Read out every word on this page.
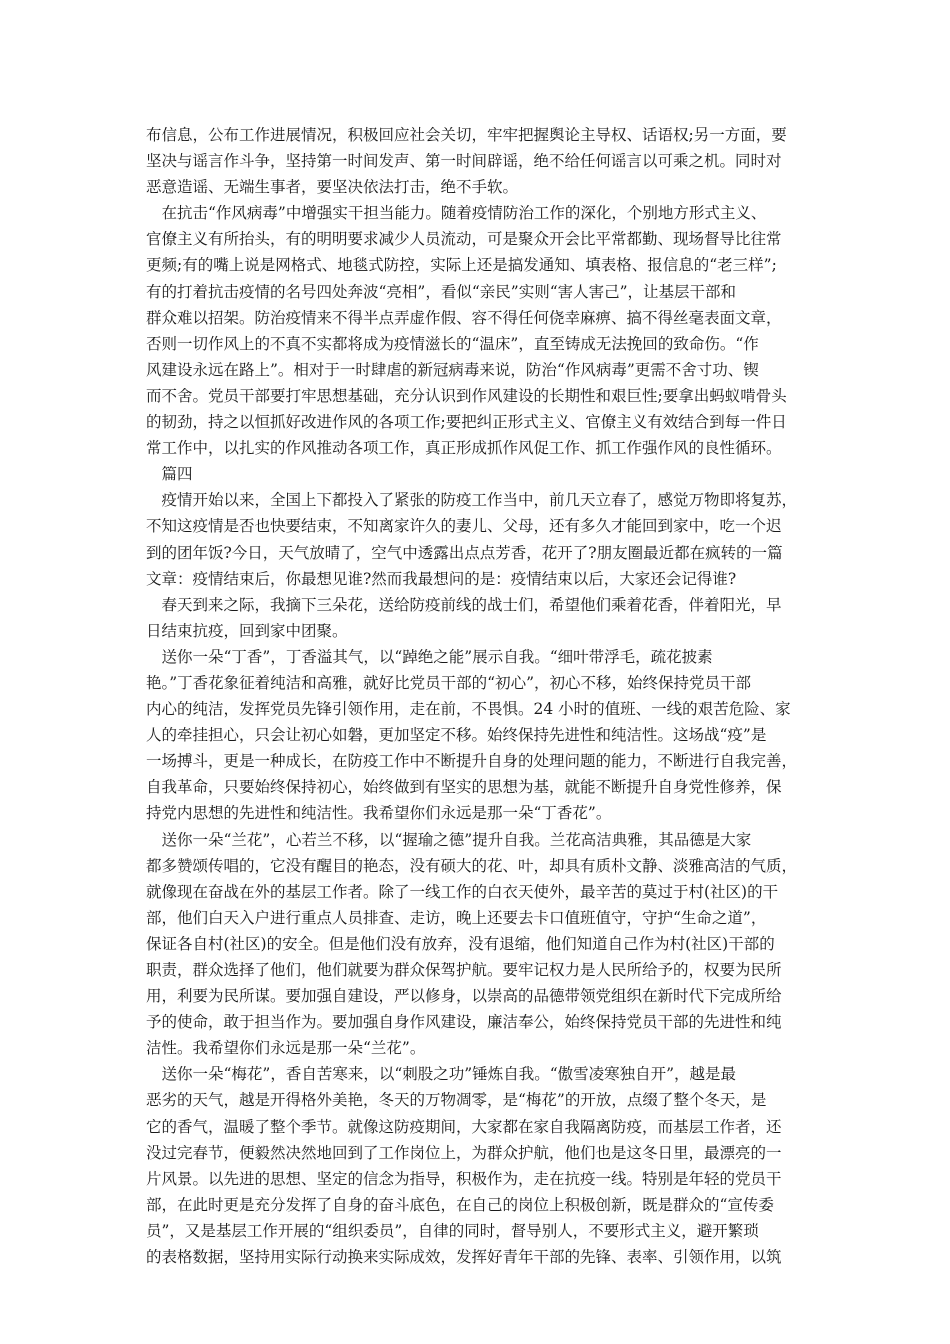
布信息，公布工作进展情况，积极回应社会关切，牢牢把握舆论主导权、话语权;另一方面，要
坚决与谣言作斗争，坚持第一时间发声、第一时间辟谣，绝不给任何谣言以可乘之机。同时对
恶意造谣、无端生事者，要坚决依法打击，绝不手软。
　在抗击“作风病毒”中增强实干担当能力。随着疫情防治工作的深化，个别地方形式主义、
官僚主义有所抬头，有的明明要求减少人员流动，可是聚众开会比平常都勤、现场督导比往常
更频;有的嘴上说是网格式、地毯式防控，实际上还是搞发通知、填表格、报信息的“老三样”;
有的打着抗击疫情的名号四处奔波“亮相”，看似“亲民”实则“害人害己”，让基层干部和
群众难以招架。防治疫情来不得半点弄虚作假、容不得任何侥幸麻痹、搞不得丝毫表面文章，
否则一切作风上的不真不实都将成为疫情滋长的“温床”，直至铸成无法挽回的致命伤。“作
风建设永远在路上”。相对于一时肆虐的新冠病毒来说，防治“作风病毒”更需不舍寸功、锲
而不舍。党员干部要打牢思想基础，充分认识到作风建设的长期性和艰巨性;要拿出蚂蚁啃骨头
的韧劲，持之以恒抓好改进作风的各项工作;要把纠正形式主义、官僚主义有效结合到每一件日
常工作中，以扎实的作风推动各项工作，真正形成抓作风促工作、抓工作强作风的良性循环。
　篇四
　疫情开始以来，全国上下都投入了紧张的防疫工作当中，前几天立春了，感觉万物即将复苏，
不知这疫情是否也快要结束，不知离家许久的妻儿、父母，还有多久才能回到家中，吃一个迟
到的团年饭?今日，天气放晴了，空气中透露出点点芳香，花开了?朋友圈最近都在疯转的一篇
文章：疫情结束后，你最想见谁?然而我最想问的是：疫情结束以后，大家还会记得谁?
　春天到来之际，我摘下三朵花，送给防疫前线的战士们，希望他们乘着花香，伴着阳光，早
日结束抗疫，回到家中团聚。
　送你一朵“丁香”，丁香溢其气，以“踔绝之能”展示自我。“细叶带浮毛，疏花披素
艳。”丁香花象征着纯洁和高雅，就好比党员干部的“初心”，初心不移，始终保持党员干部
内心的纯洁，发挥党员先锋引领作用，走在前，不畏惧。24 小时的值班、一线的艰苦危险、家
人的牵挂担心，只会让初心如磐，更加坚定不移。始终保持先进性和纯洁性。这场战“疫”是
一场搏斗，更是一种成长，在防疫工作中不断提升自身的处理问题的能力，不断进行自我完善，
自我革命，只要始终保持初心，始终做到有坚实的思想为基，就能不断提升自身党性修养，保
持党内思想的先进性和纯洁性。我希望你们永远是那一朵“丁香花”。
　送你一朵“兰花”，心若兰不移，以“握瑜之德”提升自我。兰花高洁典雅，其品德是大家
都多赞颂传唱的，它没有醒目的艳态，没有硕大的花、叶，却具有质朴文静、淡雅高洁的气质，
就像现在奋战在外的基层工作者。除了一线工作的白衣天使外，最辛苦的莫过于村(社区)的干
部，他们白天入户进行重点人员排查、走访，晚上还要去卡口值班值守，守护“生命之道”，
保证各自村(社区)的安全。但是他们没有放弃，没有退缩，他们知道自己作为村(社区)干部的
职责，群众选择了他们，他们就要为群众保驾护航。要牢记权力是人民所给予的，权要为民所
用，利要为民所谋。要加强自建设，严以修身，以崇高的品德带领党组织在新时代下完成所给
予的使命，敢于担当作为。要加强自身作风建设，廉洁奉公，始终保持党员干部的先进性和纯
洁性。我希望你们永远是那一朵“兰花”。
　送你一朵“梅花”，香自苦寒来，以“刺股之功”锤炼自我。“傲雪凌寒独自开”，越是最
恶劣的天气，越是开得格外美艳，冬天的万物凋零，是“梅花”的开放，点缀了整个冬天，是
它的香气，温暖了整个季节。就像这防疫期间，大家都在家自我隔离防疫，而基层工作者，还
没过完春节，便毅然决然地回到了工作岗位上，为群众护航，他们也是这冬日里，最漂亮的一
片风景。以先进的思想、坚定的信念为指导，积极作为，走在抗疫一线。特别是年轻的党员干
部，在此时更是充分发挥了自身的奋斗底色，在自己的岗位上积极创新，既是群众的“宣传委
员”，又是基层工作开展的“组织委员”，自律的同时，督导别人，不要形式主义，避开繁琐
的表格数据，坚持用实际行动换来实际成效，发挥好青年干部的先锋、表率、引领作用，以筑
